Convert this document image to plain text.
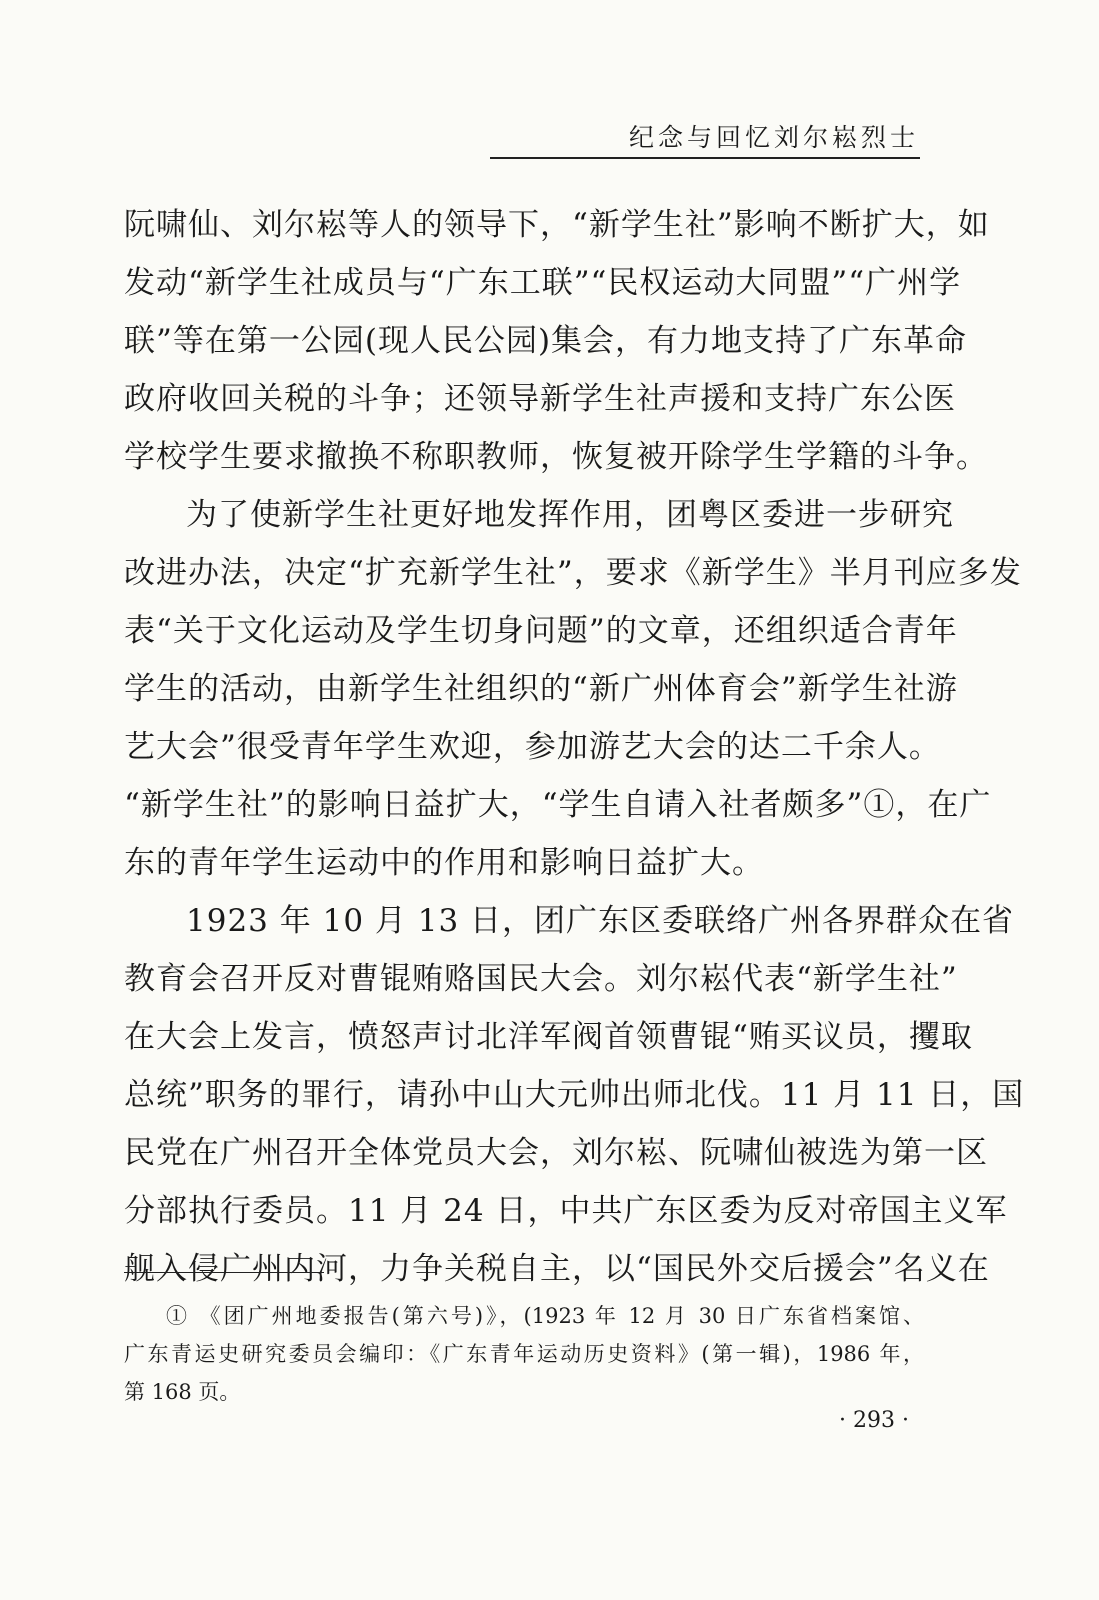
纪念与回忆刘尔崧烈士
阮啸仙、刘尔崧等人的领导下，“新学生社”影响不断扩大，如
发动“新学生社成员与“广东工联”“民权运动大同盟”“广州学
联”等在第一公园(现人民公园)集会，有力地支持了广东革命
政府收回关税的斗争；还领导新学生社声援和支持广东公医
学校学生要求撤换不称职教师，恢复被开除学生学籍的斗争。
为了使新学生社更好地发挥作用，团粤区委进一步研究
改进办法，决定“扩充新学生社”，要求《新学生》半月刊应多发
表“关于文化运动及学生切身问题”的文章，还组织适合青年
学生的活动，由新学生社组织的“新广州体育会”新学生社游
艺大会”很受青年学生欢迎，参加游艺大会的达二千余人。
“新学生社”的影响日益扩大，“学生自请入社者颇多”①，在广
东的青年学生运动中的作用和影响日益扩大。
1923 年 10 月 13 日，团广东区委联络广州各界群众在省
教育会召开反对曹锟贿赂国民大会。刘尔崧代表“新学生社”
在大会上发言，愤怒声讨北洋军阀首领曹锟“贿买议员，攫取
总统”职务的罪行，请孙中山大元帅出师北伐。11 月 11 日，国
民党在广州召开全体党员大会，刘尔崧、阮啸仙被选为第一区
分部执行委员。11 月 24 日，中共广东区委为反对帝国主义军
舰入侵广州内河，力争关税自主，以“国民外交后援会”名义在
① 《团广州地委报告(第六号)》，(1923 年 12 月 30 日广东省档案馆、
广东青运史研究委员会编印：《广东青年运动历史资料》(第一辑)，1986 年，
第 168 页。
· 293 ·
